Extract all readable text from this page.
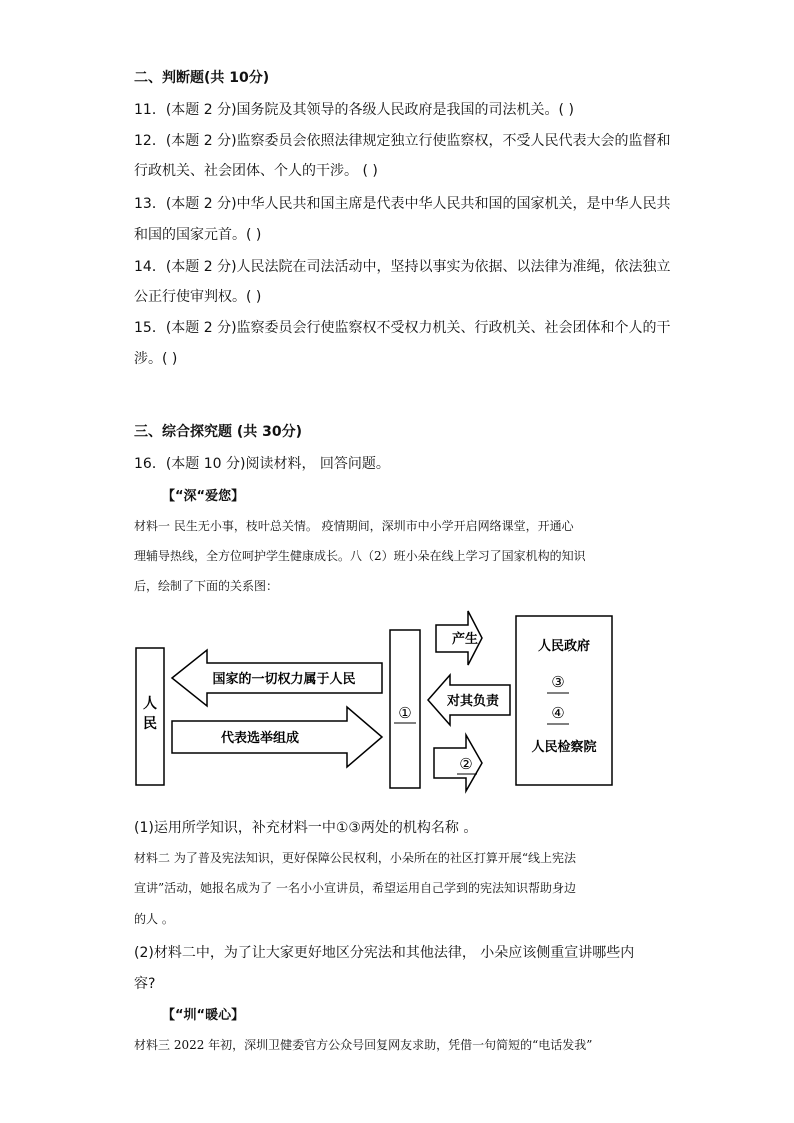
二、判断题(共 10分)
11．(本题 2 分)国务院及其领导的各级人民政府是我国的司法机关。( )
12．(本题 2 分)监察委员会依照法律规定独立行使监察权，不受人民代表大会的监督和
行政机关、社会团体、个人的干涉。 ( )
13．(本题 2 分)中华人民共和国主席是代表中华人民共和国的国家机关，是中华人民共
和国的国家元首。( )
14．(本题 2 分)人民法院在司法活动中，坚持以事实为依据、以法律为准绳，依法独立
公正行使审判权。( )
15．(本题 2 分)监察委员会行使监察权不受权力机关、行政机关、社会团体和个人的干
涉。( )
三、综合探究题 (共 30分)
16．(本题 10 分)阅读材料， 回答问题。
【“深“爱您】
材料一 民生无小事，枝叶总关情。 疫情期间，深圳市中小学开启网络课堂，开通心
理辅导热线，全方位呵护学生健康成长。八（2）班小朵在线上学习了国家机构的知识
后，绘制了下面的关系图：
人
民
国家的一切权力属于人民
代表选举组成
①
产生
对其负责
②
人民政府
③
④
人民检察院
(1)运用所学知识，补充材料一中①③两处的机构名称 。
材料二 为了普及宪法知识，更好保障公民权利，小朵所在的社区打算开展“线上宪法
宣讲”活动，她报名成为了 一名小小宣讲员，希望运用自己学到的宪法知识帮助身边
的人 。
(2)材料二中，为了让大家更好地区分宪法和其他法律， 小朵应该侧重宣讲哪些内
容?
【“圳“暖心】
材料三 2022 年初，深圳卫健委官方公众号回复网友求助，凭借一句简短的“电话发我”
